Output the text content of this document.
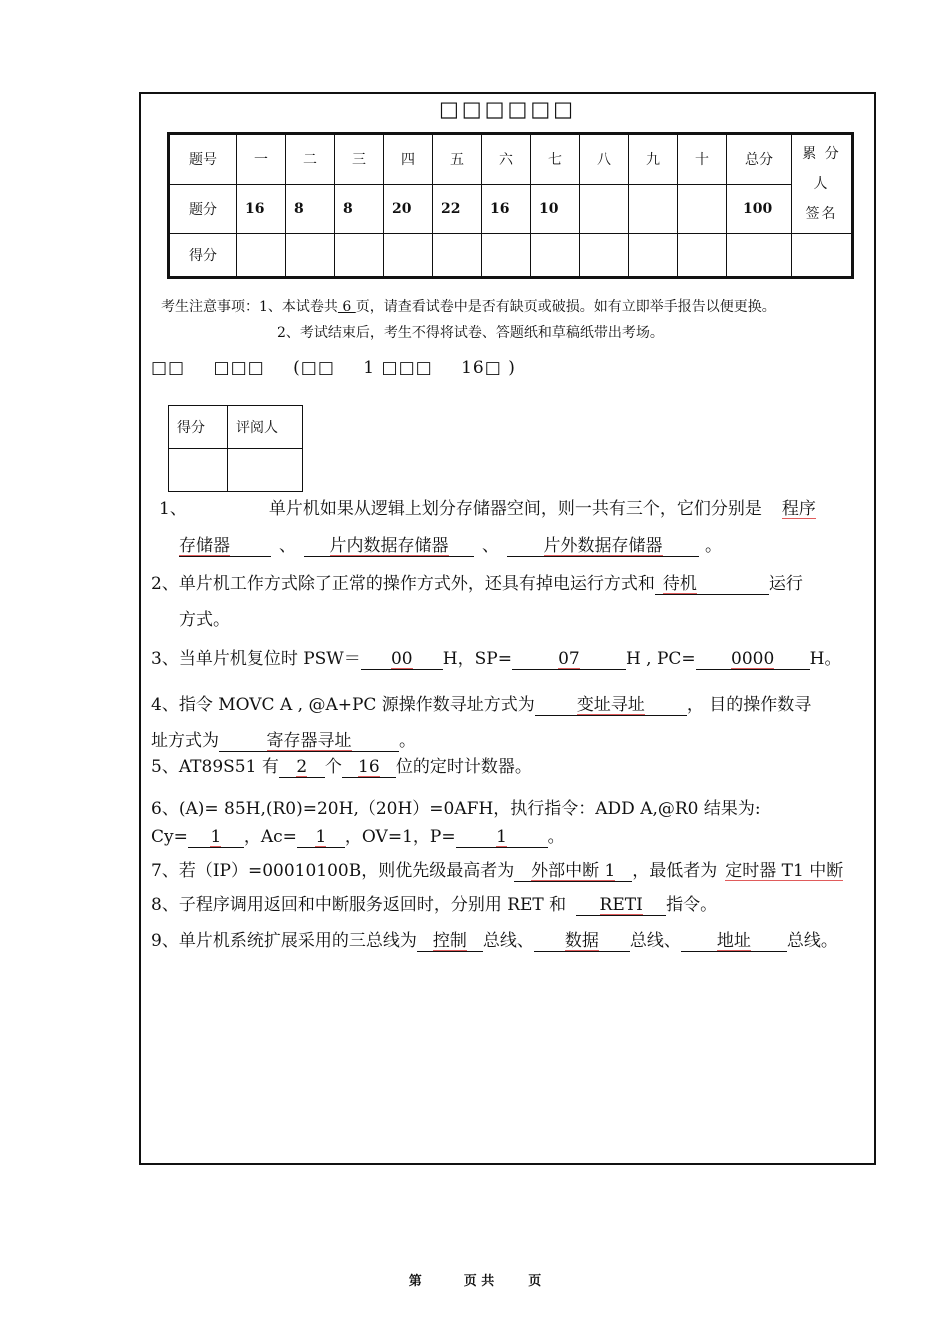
□□□□□□
题号	一	二	三	四	五	六	七	八	九	十	总分	累 分 人
签名
题分	16	8	8	20	22	16	10				100	
得分												
考生注意事项：1、本试卷共 6 页，请查看试卷中是否有缺页或破损。如有立即举手报告以便更换。
2、考试结束后，考生不得将试卷、答题纸和草稿纸带出考场。
□□ □□□ (□□ 1 □□□ 16□ )
得分	评阅人

1、	单片机如果从逻辑上划分存储器空间，则一共有三个，它们分别是 程序
存储器	、 片内数据存储器 、	片外数据存储器	。
2、单片机工作方式除了正常的操作方式外，还具有掉电运行方式和 待机	运行
方式。
3、当单片机复位时 PSW＝ 00 H，SP=	07	H , PC= 0000 H。
4、指令 MOVC A , @A+PC 源操作数寻址方式为 变址寻址 ， 目的操作数寻
址方式为	寄存器寻址	。
5、AT89S51 有 2 个 16 位的定时计数器。
6、(A)= 85H,(R0)=20H,（20H）=0AFH，执行指令：ADD A,@R0 结果为:
Cy= 1 ，Ac= 1 ，OV=1，P= 1 。
7、若（IP）=00010100B，则优先级最高者为 外部中断 1 ，最低者为 定时器 T1 中断
8、子程序调用返回和中断服务返回时，分别用 RET 和 RETI 指令。
9、单片机系统扩展采用的三总线为 控制 总线、 数据 总线、 地址 总线。
第	页 共	页
